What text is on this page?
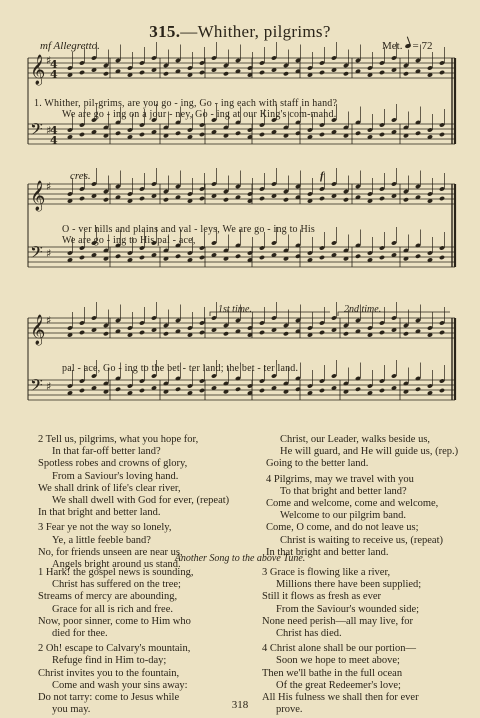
315.—Whither, pilgrims?
mf Allegretto.	Met. = 72
𝄞
𝄢
♯
♯
4
4
4
4
𝄞
𝄢
♯
♯
𝄞
𝄢
♯
♯
1. Whither, pil-grims, are you go - ing, Go - ing each with staff in hand?
We are go - ing on a jour - ney, Go - ing at our King's com-mand.
cres.	f
O - ver hills and plains and val - leys, We are go - ing to His
We are go - ing to His pal - ace,
1st time.	2nd time.
pal - ace, Go - ing to the bet - ter land; the bet - ter land.
2 Tell us, pilgrims, what you hope for,
In that far-off better land?
Spotless robes and crowns of glory,
From a Saviour's loving hand.
We shall drink of life's clear river,
We shall dwell with God for ever, (repeat)
In that bright and better land.
3 Fear ye not the way so lonely,
Ye, a little feeble band?
No, for friends unseen are near us,
Angels bright around us stand.
Christ, our Leader, walks beside us,
He will guard, and He will guide us, (rep.)
Going to the better land.
4 Pilgrims, may we travel with you
To that bright and better land?
Come and welcome, come and welcome,
Welcome to our pilgrim band.
Come, O come, and do not leave us;
Christ is waiting to receive us, (repeat)
In that bright and better land.
Another Song to the above Tune.
1 Hark! the gospel news is sounding,
Christ has suffered on the tree;
Streams of mercy are abounding,
Grace for all is rich and free.
Now, poor sinner, come to Him who
died for thee.
2 Oh! escape to Calvary's mountain,
Refuge find in Him to-day;
Christ invites you to the fountain,
Come and wash your sins away:
Do not tarry: come to Jesus while
you may.
3 Grace is flowing like a river,
Millions there have been supplied;
Still it flows as fresh as ever
From the Saviour's wounded side;
None need perish—all may live, for
Christ has died.
4 Christ alone shall be our portion—
Soon we hope to meet above;
Then we'll bathe in the full ocean
Of the great Redeemer's love;
All His fulness we shall then for ever
prove.
318
